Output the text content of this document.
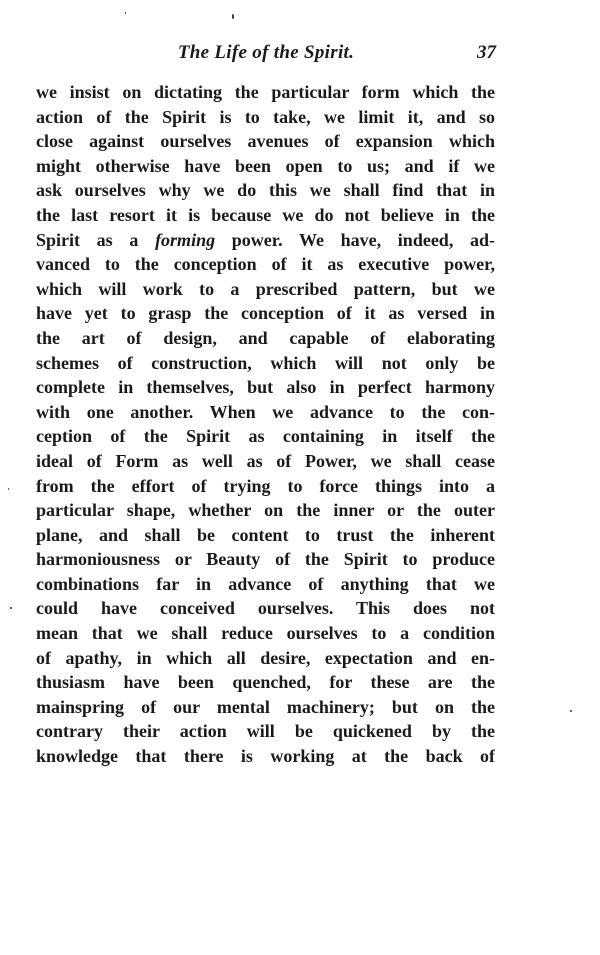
The Life of the Spirit.	37
we insist on dictating the particular form which the
action of the Spirit is to take, we limit it, and so
close against ourselves avenues of expansion which
might otherwise have been open to us; and if we
ask ourselves why we do this we shall find that in
the last resort it is because we do not believe in the
Spirit as a forming power. We have, indeed, ad-
vanced to the conception of it as executive power,
which will work to a prescribed pattern, but we
have yet to grasp the conception of it as versed in
the art of design, and capable of elaborating
schemes of construction, which will not only be
complete in themselves, but also in perfect harmony
with one another. When we advance to the con-
ception of the Spirit as containing in itself the
ideal of Form as well as of Power, we shall cease
from the effort of trying to force things into a
particular shape, whether on the inner or the outer
plane, and shall be content to trust the inherent
harmoniousness or Beauty of the Spirit to produce
combinations far in advance of anything that we
could have conceived ourselves. This does not
mean that we shall reduce ourselves to a condition
of apathy, in which all desire, expectation and en-
thusiasm have been quenched, for these are the
mainspring of our mental machinery; but on the
contrary their action will be quickened by the
knowledge that there is working at the back of
